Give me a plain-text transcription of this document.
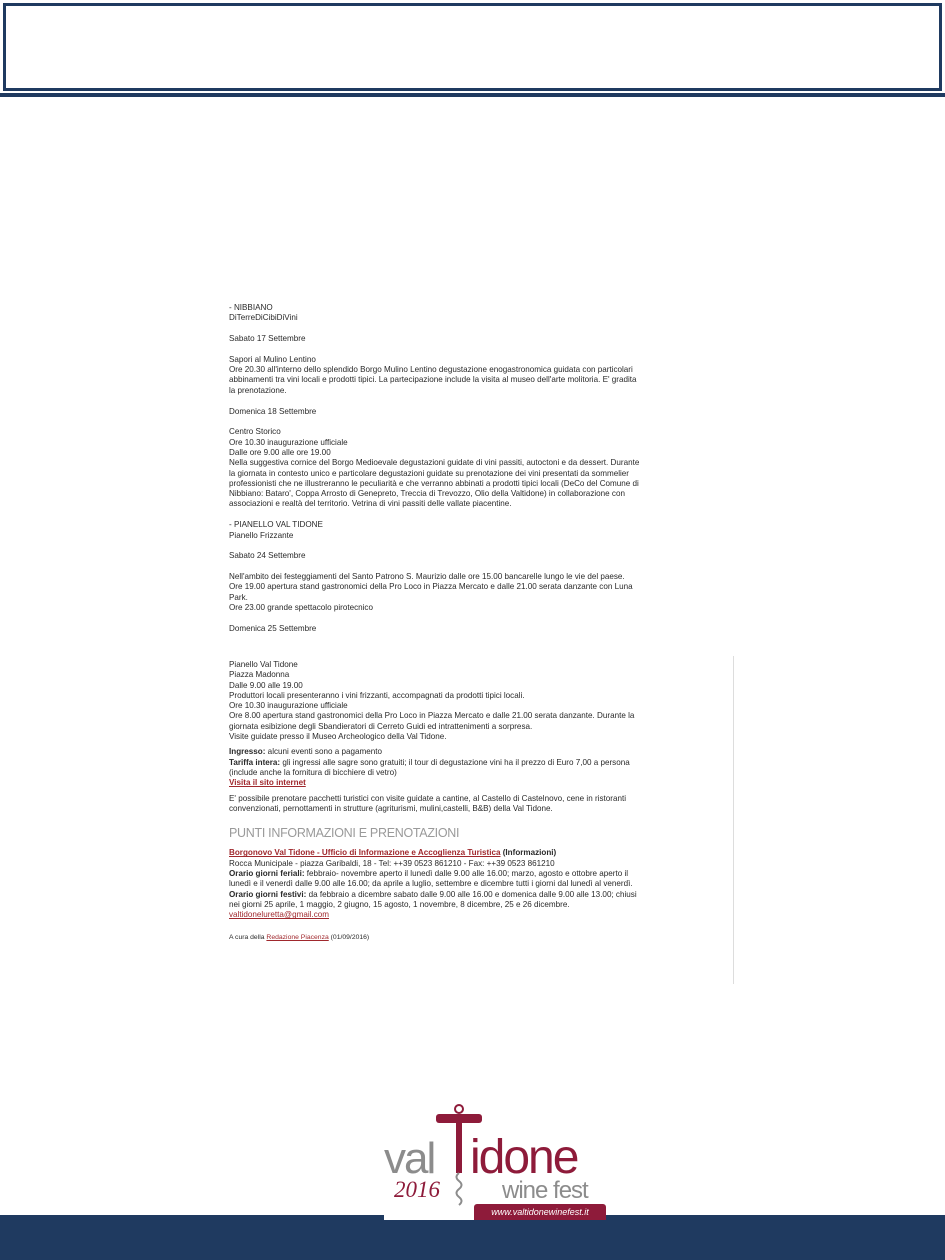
- NIBBIANO
DiTerreDiCibiDiVini
Sabato 17 Settembre
Sapori al Mulino Lentino
Ore 20.30 all'interno dello splendido Borgo Mulino Lentino degustazione enogastronomica guidata con particolari
abbinamenti tra vini locali e prodotti tipici. La partecipazione include la visita al museo dell'arte molitoria. E' gradita
la prenotazione.
Domenica 18 Settembre
Centro Storico
Ore 10.30 inaugurazione ufficiale
Dalle ore 9.00 alle ore 19.00
Nella suggestiva cornice del Borgo Medioevale degustazioni guidate di vini passiti, autoctoni e da dessert. Durante
la giornata in contesto unico e particolare degustazioni guidate su prenotazione dei vini presentati da sommelier
professionisti che ne illustreranno le peculiarità e che verranno abbinati a prodotti tipici locali (DeCo del Comune di
Nibbiano: Bataro', Coppa Arrosto di Genepreto, Treccia di Trevozzo, Olio della Valtidone) in collaborazione con
associazioni e realtà del territorio. Vetrina di vini passiti delle vallate piacentine.
- PIANELLO VAL TIDONE
Pianello Frizzante
Sabato 24 Settembre
Nell'ambito dei festeggiamenti del Santo Patrono S. Maurizio dalle ore 15.00 bancarelle lungo le vie del paese.
Ore 19.00 apertura stand gastronomici della Pro Loco in Piazza Mercato e dalle 21.00 serata danzante con Luna
Park.
Ore 23.00 grande spettacolo pirotecnico
Domenica 25 Settembre
Pianello Val Tidone
Piazza Madonna
Dalle 9.00 alle 19.00
Produttori locali presenteranno i vini frizzanti, accompagnati da prodotti tipici locali.
Ore 10.30 inaugurazione ufficiale
Ore 8.00 apertura stand gastronomici della Pro Loco in Piazza Mercato e dalle 21.00 serata danzante. Durante la
giornata esibizione degli Sbandieratori di Cerreto Guidi ed intrattenimenti a sorpresa.
Visite guidate presso il Museo Archeologico della Val Tidone.
Ingresso: alcuni eventi sono a pagamento
Tariffa intera: gli ingressi alle sagre sono gratuiti; il tour di degustazione vini ha il prezzo di Euro 7,00 a persona
(include anche la fornitura di bicchiere di vetro)
Visita il sito internet
E' possibile prenotare pacchetti turistici con visite guidate a cantine, al Castello di Castelnovo, cene in ristoranti
convenzionati, pernottamenti in strutture (agriturismi, mulini,castelli, B&B) della Val Tidone.
PUNTI INFORMAZIONI E PRENOTAZIONI
Borgonovo Val Tidone - Ufficio di Informazione e Accoglienza Turistica (Informazioni)
Rocca Municipale - piazza Garibaldi, 18 - Tel: ++39 0523 861210 - Fax: ++39 0523 861210
Orario giorni feriali: febbraio- novembre aperto il lunedì dalle 9.00 alle 16.00; marzo, agosto e ottobre aperto il
lunedì e il venerdì dalle 9.00 alle 16.00; da aprile a luglio, settembre e dicembre tutti i giorni dal lunedì al venerdì.
Orario giorni festivi: da febbraio a dicembre sabato dalle 9.00 alle 16.00 e domenica dalle 9.00 alle 13.00; chiusi
nei giorni 25 aprile, 1 maggio, 2 giugno, 15 agosto, 1 novembre, 8 dicembre, 25 e 26 dicembre.
valtidoneluretta@gmail.com
A cura della Redazione Piacenza (01/09/2016)
val idone
2016	wine fest
www.valtidonewinefest.it
